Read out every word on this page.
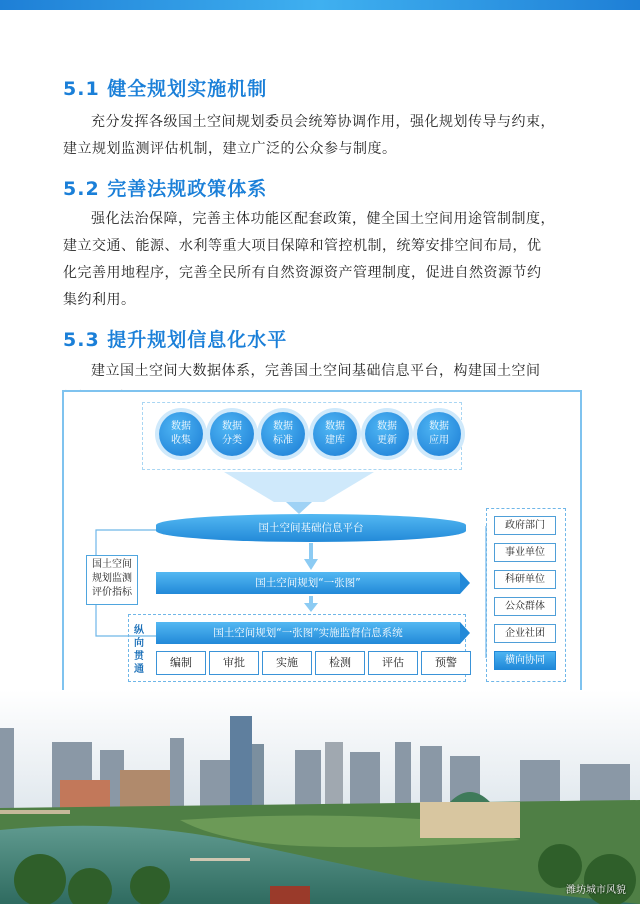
5.1 健全规划实施机制
充分发挥各级国土空间规划委员会统筹协调作用，强化规划传导与约束，
建立规划监测评估机制，建立广泛的公众参与制度。
5.2 完善法规政策体系
强化法治保障，完善主体功能区配套政策，健全国土空间用途管制制度，
建立交通、能源、水利等重大项目保障和管控机制，统筹安排空间布局，优
化完善用地程序，完善全民所有自然资源资产管理制度，促进自然资源节约
集约利用。
5.3 提升规划信息化水平
建立国土空间大数据体系，完善国土空间基础信息平台，构建国土空间
数据收集
数据分类
数据标准
数据建库
数据更新
数据应用
国土空间基础信息平台
国土空间规划“一张图”
国土空间规划监测评价指标
纵向贯通
国土空间规划“一张图”实施监督信息系统
编制	审批	实施	检测	评估	预警
政府部门
事业单位
科研单位
公众群体
企业社团
横向协同
潍坊城市风貌
